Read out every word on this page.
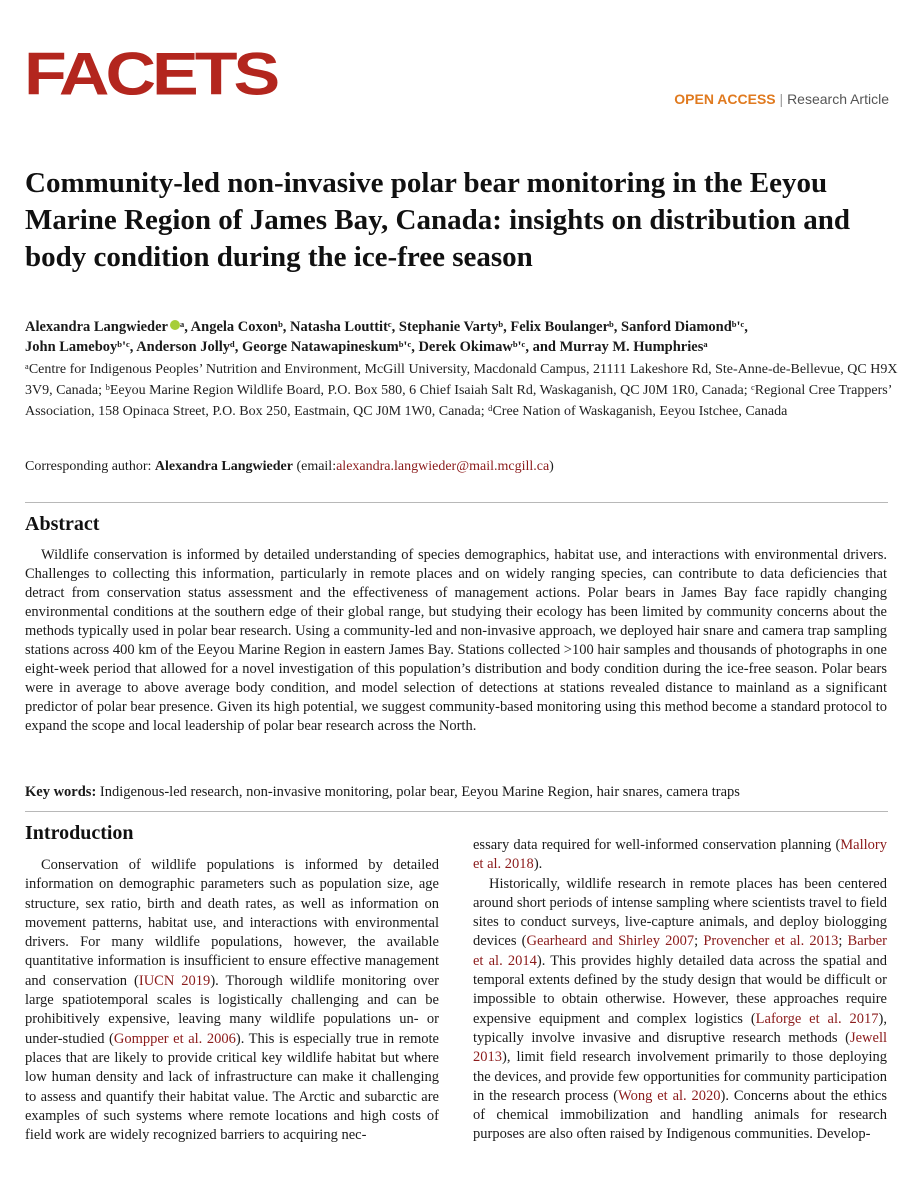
FACETS	OPEN ACCESS | Research Article
Community-led non-invasive polar bear monitoring in the Eeyou Marine Region of James Bay, Canada: insights on distribution and body condition during the ice-free season

Alexandra Langwieder ᵃ, Angela Coxonᵇ, Natasha Louttitᶜ, Stephanie Vartyᵇ, Felix Boulangerᵇ, Sanford Diamondᵇ'ᶜ,
John Lameboyᵇ'ᶜ, Anderson Jollyᵈ, George Natawapineskumᵇ'ᶜ, Derek Okimawᵇ'ᶜ, and Murray M. Humphriesᵃ

ᵃCentre for Indigenous Peoples’ Nutrition and Environment, McGill University, Macdonald Campus, 21111 Lakeshore Rd, Ste-Anne-de-Bellevue, QC H9X 3V9, Canada; ᵇEeyou Marine Region Wildlife Board, P.O. Box 580, 6 Chief Isaiah Salt Rd, Waskaganish, QC J0M 1R0, Canada; ᶜRegional Cree Trappers’ Association, 158 Opinaca Street, P.O. Box 250, Eastmain, QC J0M 1W0, Canada; ᵈCree Nation of Waskaganish, Eeyou Istchee, Canada

Corresponding author: Alexandra Langwieder (email:alexandra.langwieder@mail.mcgill.ca)

Abstract

Wildlife conservation is informed by detailed understanding of species demographics, habitat use, and interactions with environmental drivers. Challenges to collecting this information, particularly in remote places and on widely ranging species, can contribute to data deficiencies that detract from conservation status assessment and the effectiveness of management actions. Polar bears in James Bay face rapidly changing environmental conditions at the southern edge of their global range, but studying their ecology has been limited by community concerns about the methods typically used in polar bear research. Using a community-led and non-invasive approach, we deployed hair snare and camera trap sampling stations across 400 km of the Eeyou Marine Region in eastern James Bay. Stations collected >100 hair samples and thousands of photographs in one eight-week period that allowed for a novel investigation of this population’s distribution and body condition during the ice-free season. Polar bears were in average to above average body condition, and model selection of detections at stations revealed distance to mainland as a significant predictor of polar bear presence. Given its high potential, we suggest community-based monitoring using this method become a standard protocol to expand the scope and local leadership of polar bear research across the North.

Key words: Indigenous-led research, non-invasive monitoring, polar bear, Eeyou Marine Region, hair snares, camera traps

Introduction

Conservation of wildlife populations is informed by detailed information on demographic parameters such as population size, age structure, sex ratio, birth and death rates, as well as information on movement patterns, habitat use, and interactions with environmental drivers. For many wildlife populations, however, the available quantitative information is insufficient to ensure effective management and conservation (IUCN 2019). Thorough wildlife monitoring over large spatiotemporal scales is logistically challenging and can be prohibitively expensive, leaving many wildlife populations un- or under-studied (Gompper et al. 2006). This is especially true in remote places that are likely to provide critical key wildlife habitat but where low human density and lack of infrastructure can make it challenging to assess and quantify their habitat value. The Arctic and subarctic are examples of such systems where remote locations and high costs of field work are widely recognized barriers to acquiring nec-

essary data required for well-informed conservation planning (Mallory et al. 2018).

Historically, wildlife research in remote places has been centered around short periods of intense sampling where scientists travel to field sites to conduct surveys, live-capture animals, and deploy biologging devices (Gearheard and Shirley 2007; Provencher et al. 2013; Barber et al. 2014). This provides highly detailed data across the spatial and temporal extents defined by the study design that would be difficult or impossible to obtain otherwise. However, these approaches require expensive equipment and complex logistics (Laforge et al. 2017), typically involve invasive and disruptive research methods (Jewell 2013), limit field research involvement primarily to those deploying the devices, and provide few opportunities for community participation in the research process (Wong et al. 2020). Concerns about the ethics of chemical immobilization and handling animals for research purposes are also often raised by Indigenous communities. Develop-
